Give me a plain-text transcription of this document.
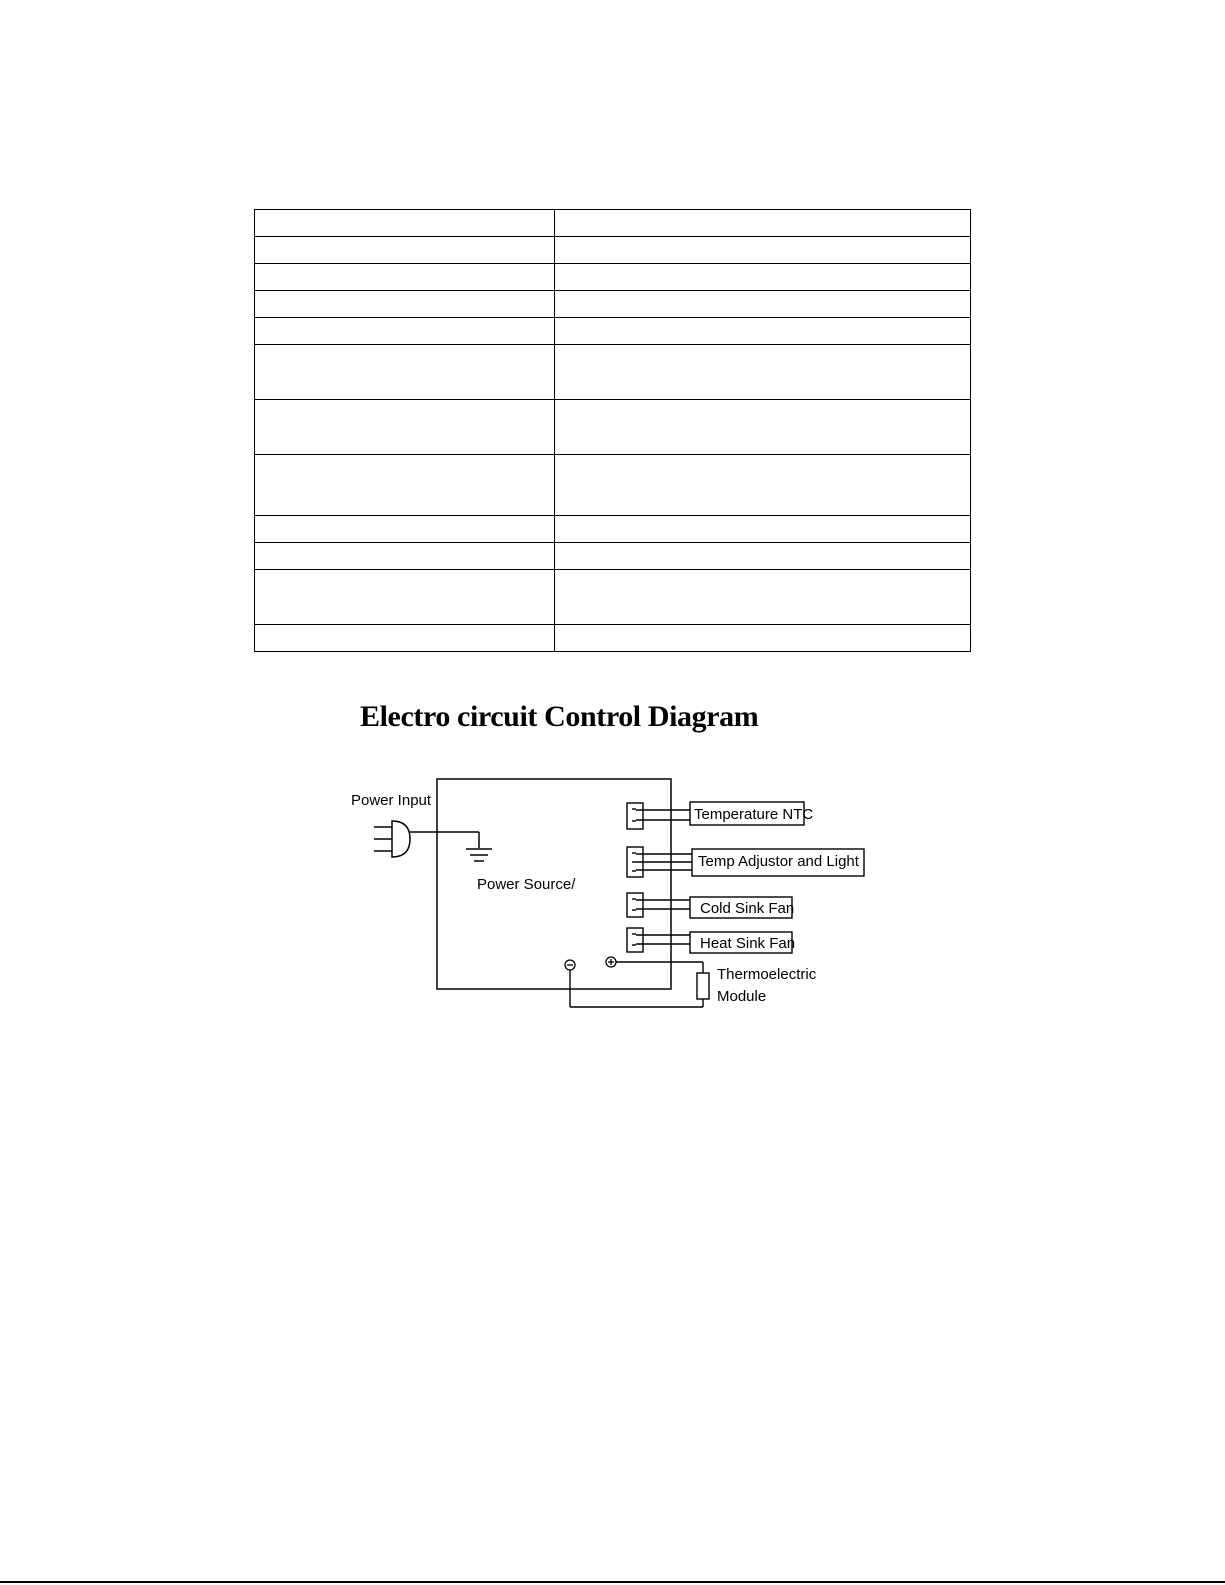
Electro circuit Control Diagram
Power Input
Power Source/
Temperature NTC
Temp Adjustor and Light
Cold Sink Fan
Heat Sink Fan
Thermoelectric
Module
